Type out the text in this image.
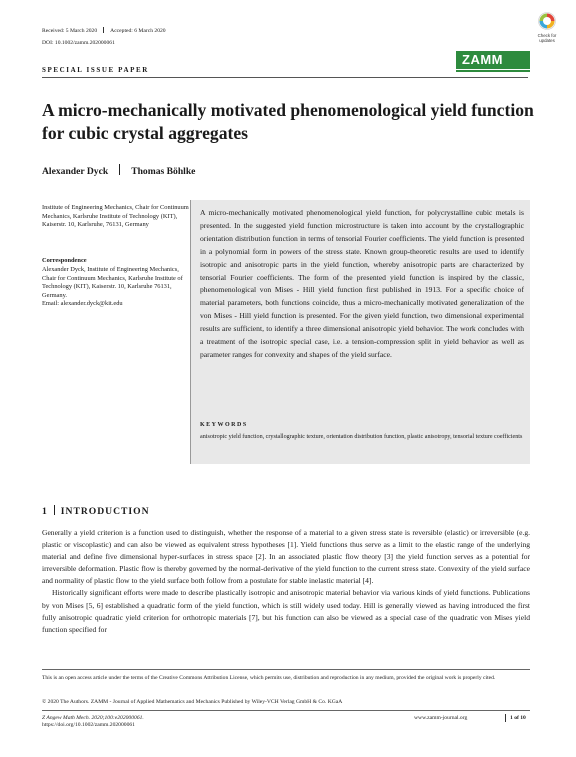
Received: 5 March 2020 Accepted: 6 March 2020
DOI: 10.1002/zamm.202000061
Check for updates
ZAMM
SPECIAL ISSUE PAPER
A micro-mechanically motivated phenomenological yield function for cubic crystal aggregates
Alexander Dyck Thomas Böhlke
Institute of Engineering Mechanics, Chair for Continuum Mechanics, Karlsruhe Institute of Technology (KIT), Kaiserstr. 10, Karlsruhe, 76131, Germany
Correspondence
Alexander Dyck, Institute of Engineering Mechanics, Chair for Continuum Mechanics, Karlsruhe Institute of Technology (KIT), Kaiserstr. 10, Karlsruhe 76131, Germany.
Email: alexander.dyck@kit.edu
A micro-mechanically motivated phenomenological yield function, for polycrystalline cubic metals is presented. In the suggested yield function microstructure is taken into account by the crystallographic orientation distribution function in terms of tensorial Fourier coefficients. The yield function is presented in a polynomial form in powers of the stress state. Known group-theoretic results are used to identify isotropic and anisotropic parts in the yield function, whereby anisotropic parts are characterized by tensorial Fourier coefficients. The form of the presented yield function is inspired by the classic, phenomenological von Mises - Hill yield function first published in 1913. For a specific choice of material parameters, both functions coincide, thus a micro-mechanically motivated generalization of the von Mises - Hill yield function is presented. For the given yield function, two dimensional experimental results are sufficient, to identify a three dimensional anisotropic yield behavior. The work concludes with a treatment of the isotropic special case, i.e. a tension-compression split in yield behavior as well as parameter ranges for convexity and shapes of the yield surface.
KEYWORDS
anisotropic yield function, crystallographic texture, orientation distribution function, plastic anisotropy, tensorial texture coefficients
1 INTRODUCTION

Generally a yield criterion is a function used to distinguish, whether the response of a material to a given stress state is reversible (elastic) or irreversible (e.g. plastic or viscoplastic) and can also be viewed as equivalent stress hypotheses [1]. Yield functions thus serve as a limit to the elastic range of the underlying material and define five dimensional hyper-surfaces in stress space [2]. In an associated plastic flow theory [3] the yield function serves as a potential for irreversible deformation. Plastic flow is thereby governed by the normal-derivative of the yield function to the current stress state. Convexity of the yield surface and normality of plastic flow to the yield surface both follow from a postulate for stable inelastic material [4].

Historically significant efforts were made to describe plastically isotropic and anisotropic material behavior via various kinds of yield functions. Publications by von Mises [5, 6] established a quadratic form of the yield function, which is still widely used today. Hill is generally viewed as having introduced the first fully anisotropic quadratic yield criterion for orthotropic materials [7], but his function can also be viewed as a special case of the quadratic von Mises yield function specified for

This is an open access article under the terms of the Creative Commons Attribution License, which permits use, distribution and reproduction in any medium, provided the original work is properly cited.
© 2020 The Authors. ZAMM - Journal of Applied Mathematics and Mechanics Published by Wiley-VCH Verlag GmbH & Co. KGaA
Z Angew Math Mech. 2020;100:e202000061.
https://doi.org/10.1002/zamm.202000061
www.zamm-journal.org	1 of 10
